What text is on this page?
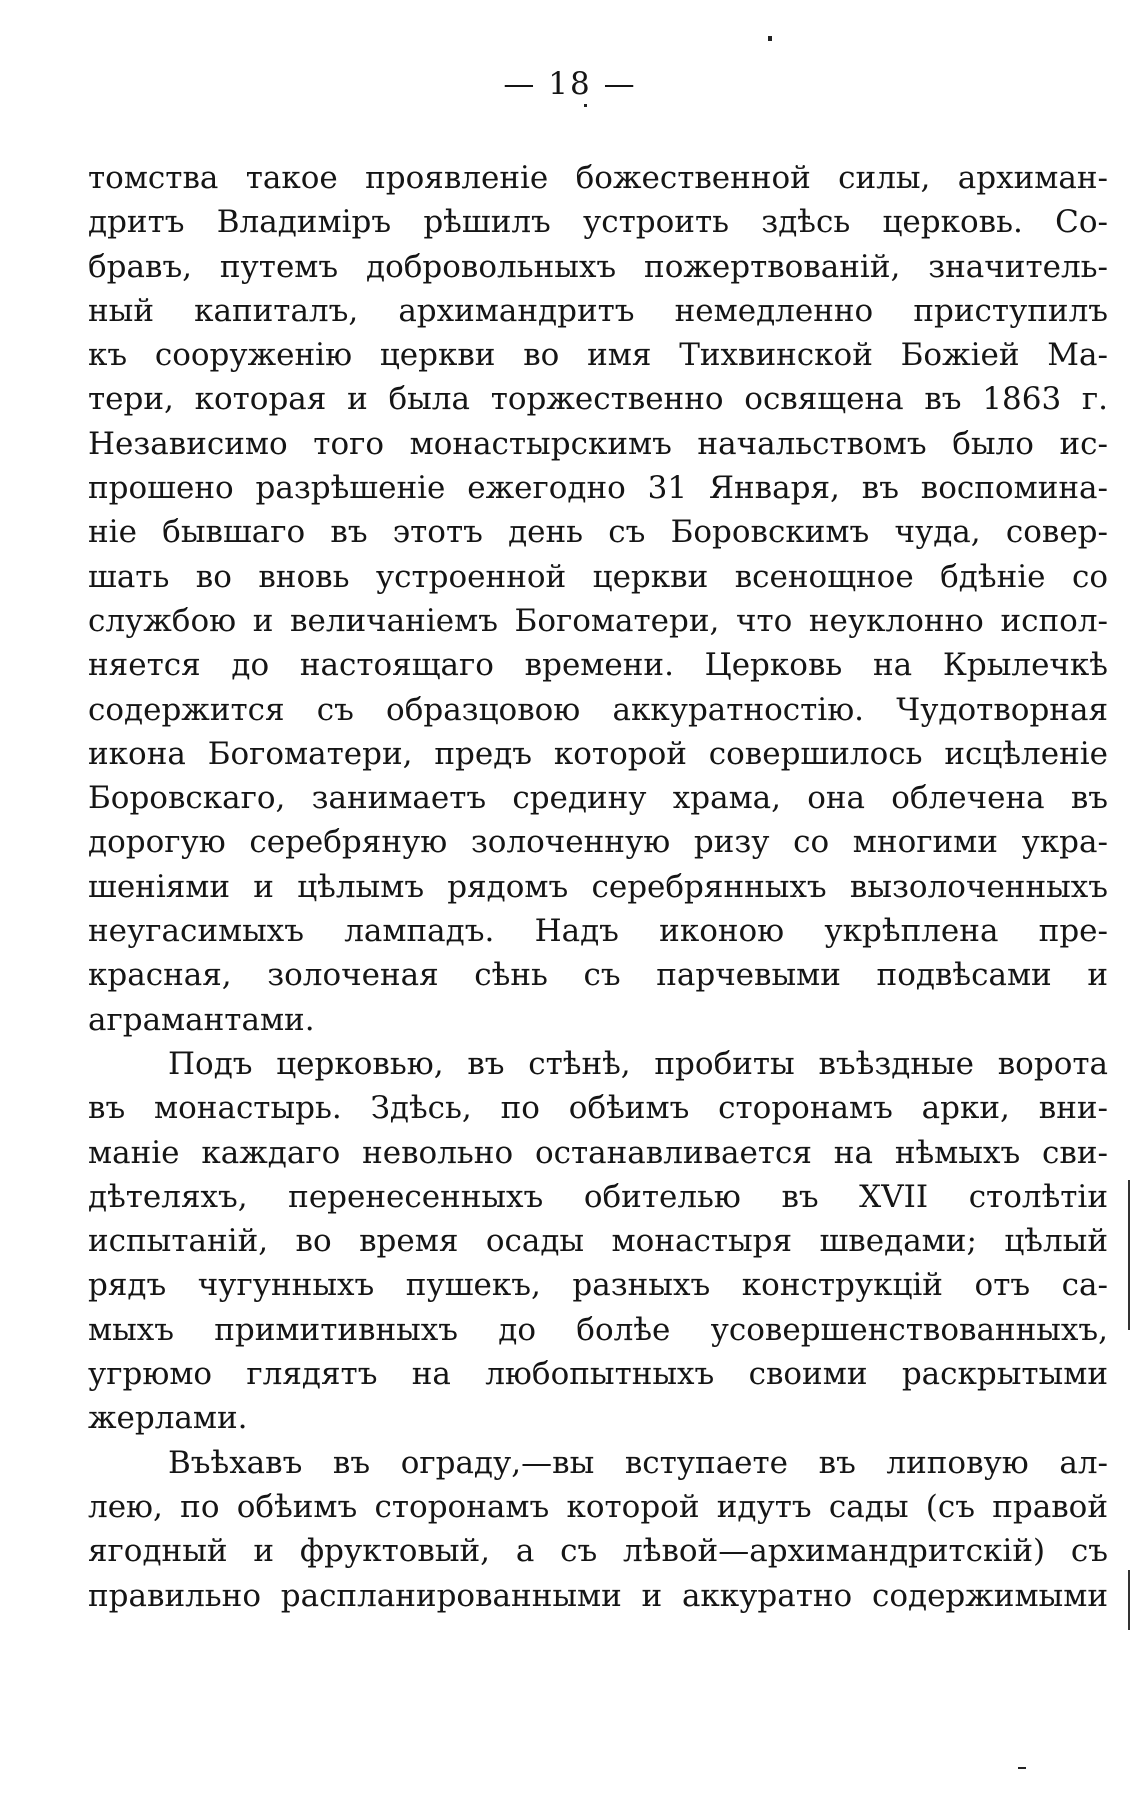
— 18 —
томства такое проявленіе божественной силы, архиман-
дритъ Владиміръ рѣшилъ устроить здѣсь церковь. Со-
бравъ, путемъ добровольныхъ пожертвованій, значитель-
ный капиталъ, архимандритъ немедленно приступилъ
къ сооруженію церкви во имя Тихвинской Божіей Ма-
тери, которая и была торжественно освящена въ 1863 г.
Независимо того монастырскимъ начальствомъ было ис-
прошено разрѣшеніе ежегодно 31 Января, въ воспомина-
ніе бывшаго въ этотъ день съ Боровскимъ чуда, совер-
шать во вновь устроенной церкви всенощное бдѣніе со
службою и величаніемъ Богоматери, что неуклонно испол-
няется до настоящаго времени. Церковь на Крылечкѣ
содержится съ образцовою аккуратностію. Чудотворная
икона Богоматери, предъ которой совершилось исцѣленіе
Боровскаго, занимаетъ средину храма, она облечена въ
дорогую серебряную золоченную ризу со многими укра-
шеніями и цѣлымъ рядомъ серебрянныхъ вызолоченныхъ
неугасимыхъ лампадъ. Надъ иконою укрѣплена пре-
красная, золоченая сѣнь съ парчевыми подвѣсами и
аграмантами.
Подъ церковью, въ стѣнѣ, пробиты въѣздные ворота
въ монастырь. Здѣсь, по обѣимъ сторонамъ арки, вни-
маніе каждаго невольно останавливается на нѣмыхъ сви-
дѣтеляхъ, перенесенныхъ обителью въ XVII столѣтіи
испытаній, во время осады монастыря шведами; цѣлый
рядъ чугунныхъ пушекъ, разныхъ конструкцій отъ са-
мыхъ примитивныхъ до болѣе усовершенствованныхъ,
угрюмо глядятъ на любопытныхъ своими раскрытыми
жерлами.
Въѣхавъ въ ограду,—вы вступаете въ липовую ал-
лею, по обѣимъ сторонамъ которой идутъ сады (съ правой
ягодный и фруктовый, а съ лѣвой—архимандритскій) съ
правильно распланированными и аккуратно содержимыми
